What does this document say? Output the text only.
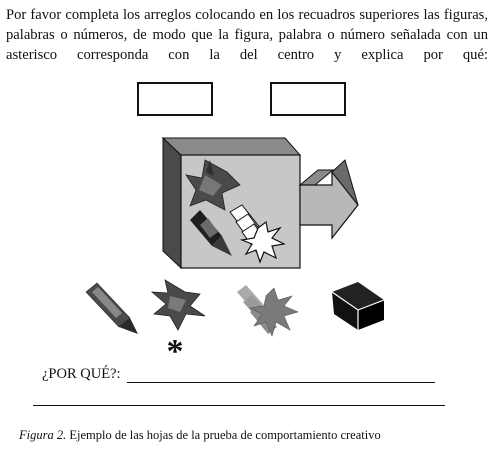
Por favor completa los arreglos colocando en los recuadros superiores las figuras, palabras o números, de modo que la figura, palabra o número señalada con un asterisco corresponda con la del centro y explica por qué:

*
¿POR QUÉ?:
Figura 2. Ejemplo de las hojas de la prueba de comportamiento creativo
